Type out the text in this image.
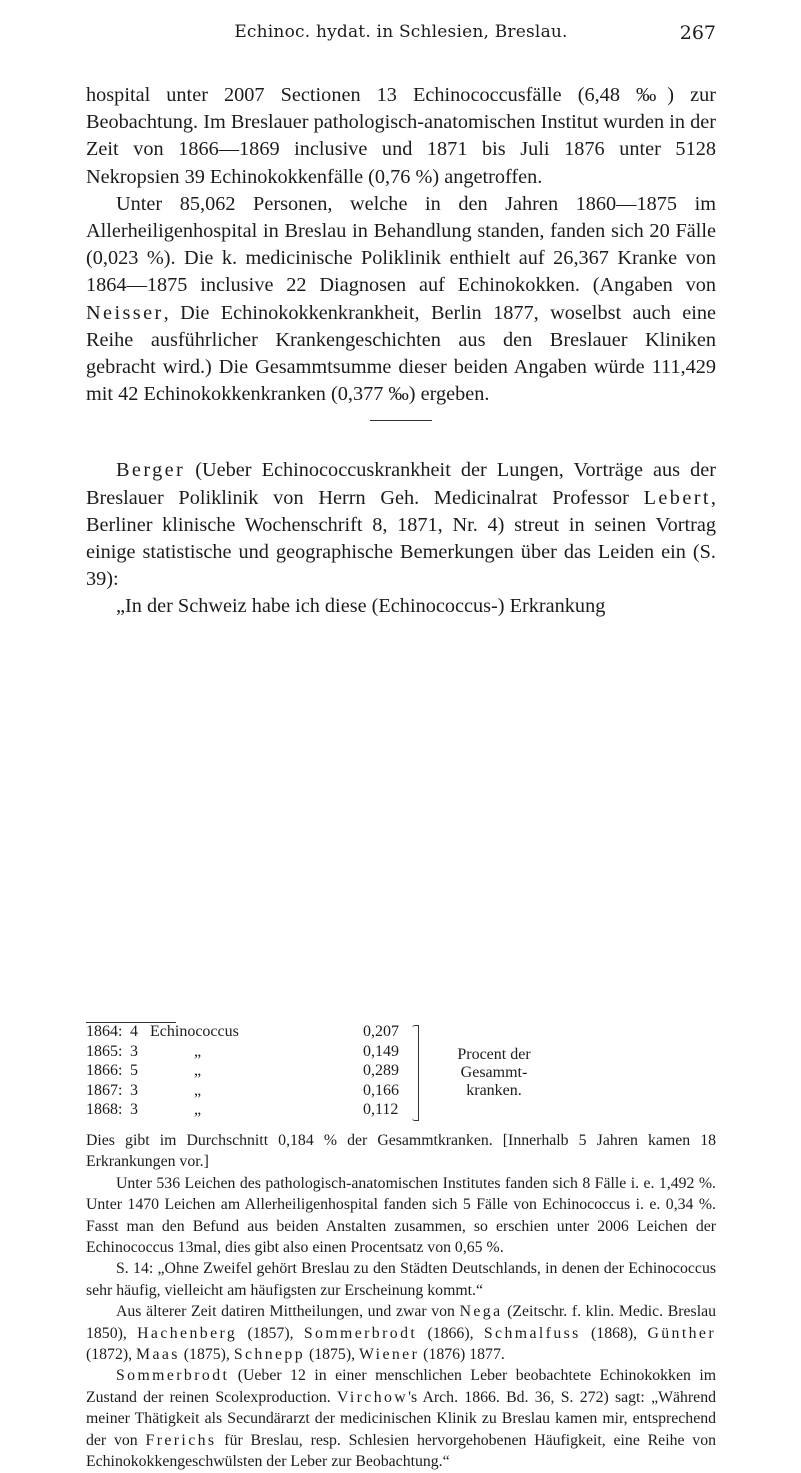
Echinoc. hydat. in Schlesien, Breslau.	267

hospital unter 2007 Sectionen 13 Echinococcusfälle (6,48 ‰) zur Beobachtung. Im Breslauer pathologisch-anatomischen Institut wurden in der Zeit von 1866—1869 inclusive und 1871 bis Juli 1876 unter 5128 Nekropsien 39 Echinokokkenfälle (0,76 %) angetroffen.

Unter 85,062 Personen, welche in den Jahren 1860—1875 im Allerheiligenhospital in Breslau in Behandlung standen, fanden sich 20 Fälle (0,023 %). Die k. medicinische Poliklinik enthielt auf 26,367 Kranke von 1864—1875 inclusive 22 Diagnosen auf Echinokokken. (Angaben von Neisser, Die Echinokokkenkrankheit, Berlin 1877, woselbst auch eine Reihe ausführlicher Krankengeschichten aus den Breslauer Kliniken gebracht wird.) Die Gesammtsumme dieser beiden Angaben würde 111,429 mit 42 Echinokokkenkranken (0,377 ‰) ergeben.

Berger (Ueber Echinococcuskrankheit der Lungen, Vorträge aus der Breslauer Poliklinik von Herrn Geh. Medicinalrat Professor Lebert, Berliner klinische Wochenschrift 8, 1871, Nr. 4) streut in seinen Vortrag einige statistische und geographische Bemerkungen über das Leiden ein (S. 39):

„In der Schweiz habe ich diese (Echinococcus-) Erkrankung

1864: 4 Echinococcus	0,207
1865: 3	„	0,149
1866: 5	„	0,289
1867: 3	„	0,166
1868: 3	„	0,112
Procent der Gesammt-kranken.

Dies gibt im Durchschnitt 0,184 % der Gesammtkranken. [Innerhalb 5 Jahren kamen 18 Erkrankungen vor.]

Unter 536 Leichen des pathologisch-anatomischen Institutes fanden sich 8 Fälle i. e. 1,492 %. Unter 1470 Leichen am Allerheiligenhospital fanden sich 5 Fälle von Echinococcus i. e. 0,34 %. Fasst man den Befund aus beiden Anstalten zusammen, so erschien unter 2006 Leichen der Echinococcus 13mal, dies gibt also einen Procentsatz von 0,65 %.

S. 14: „Ohne Zweifel gehört Breslau zu den Städten Deutschlands, in denen der Echinococcus sehr häufig, vielleicht am häufigsten zur Erscheinung kommt.“

Aus älterer Zeit datiren Mittheilungen, und zwar von Nega (Zeitschr. f. klin. Medic. Breslau 1850), Hachenberg (1857), Sommerbrodt (1866), Schmalfuss (1868), Günther (1872), Maas (1875), Schnepp (1875), Wiener (1876) 1877.

Sommerbrodt (Ueber 12 in einer menschlichen Leber beobachtete Echinokokken im Zustand der reinen Scolexproduction. Virchow's Arch. 1866. Bd. 36, S. 272) sagt: „Während meiner Thätigkeit als Secundärarzt der medicinischen Klinik zu Breslau kamen mir, entsprechend der von Frerichs für Breslau, resp. Schlesien hervorgehobenen Häufigkeit, eine Reihe von Echinokokkengeschwülsten der Leber zur Beobachtung.“
